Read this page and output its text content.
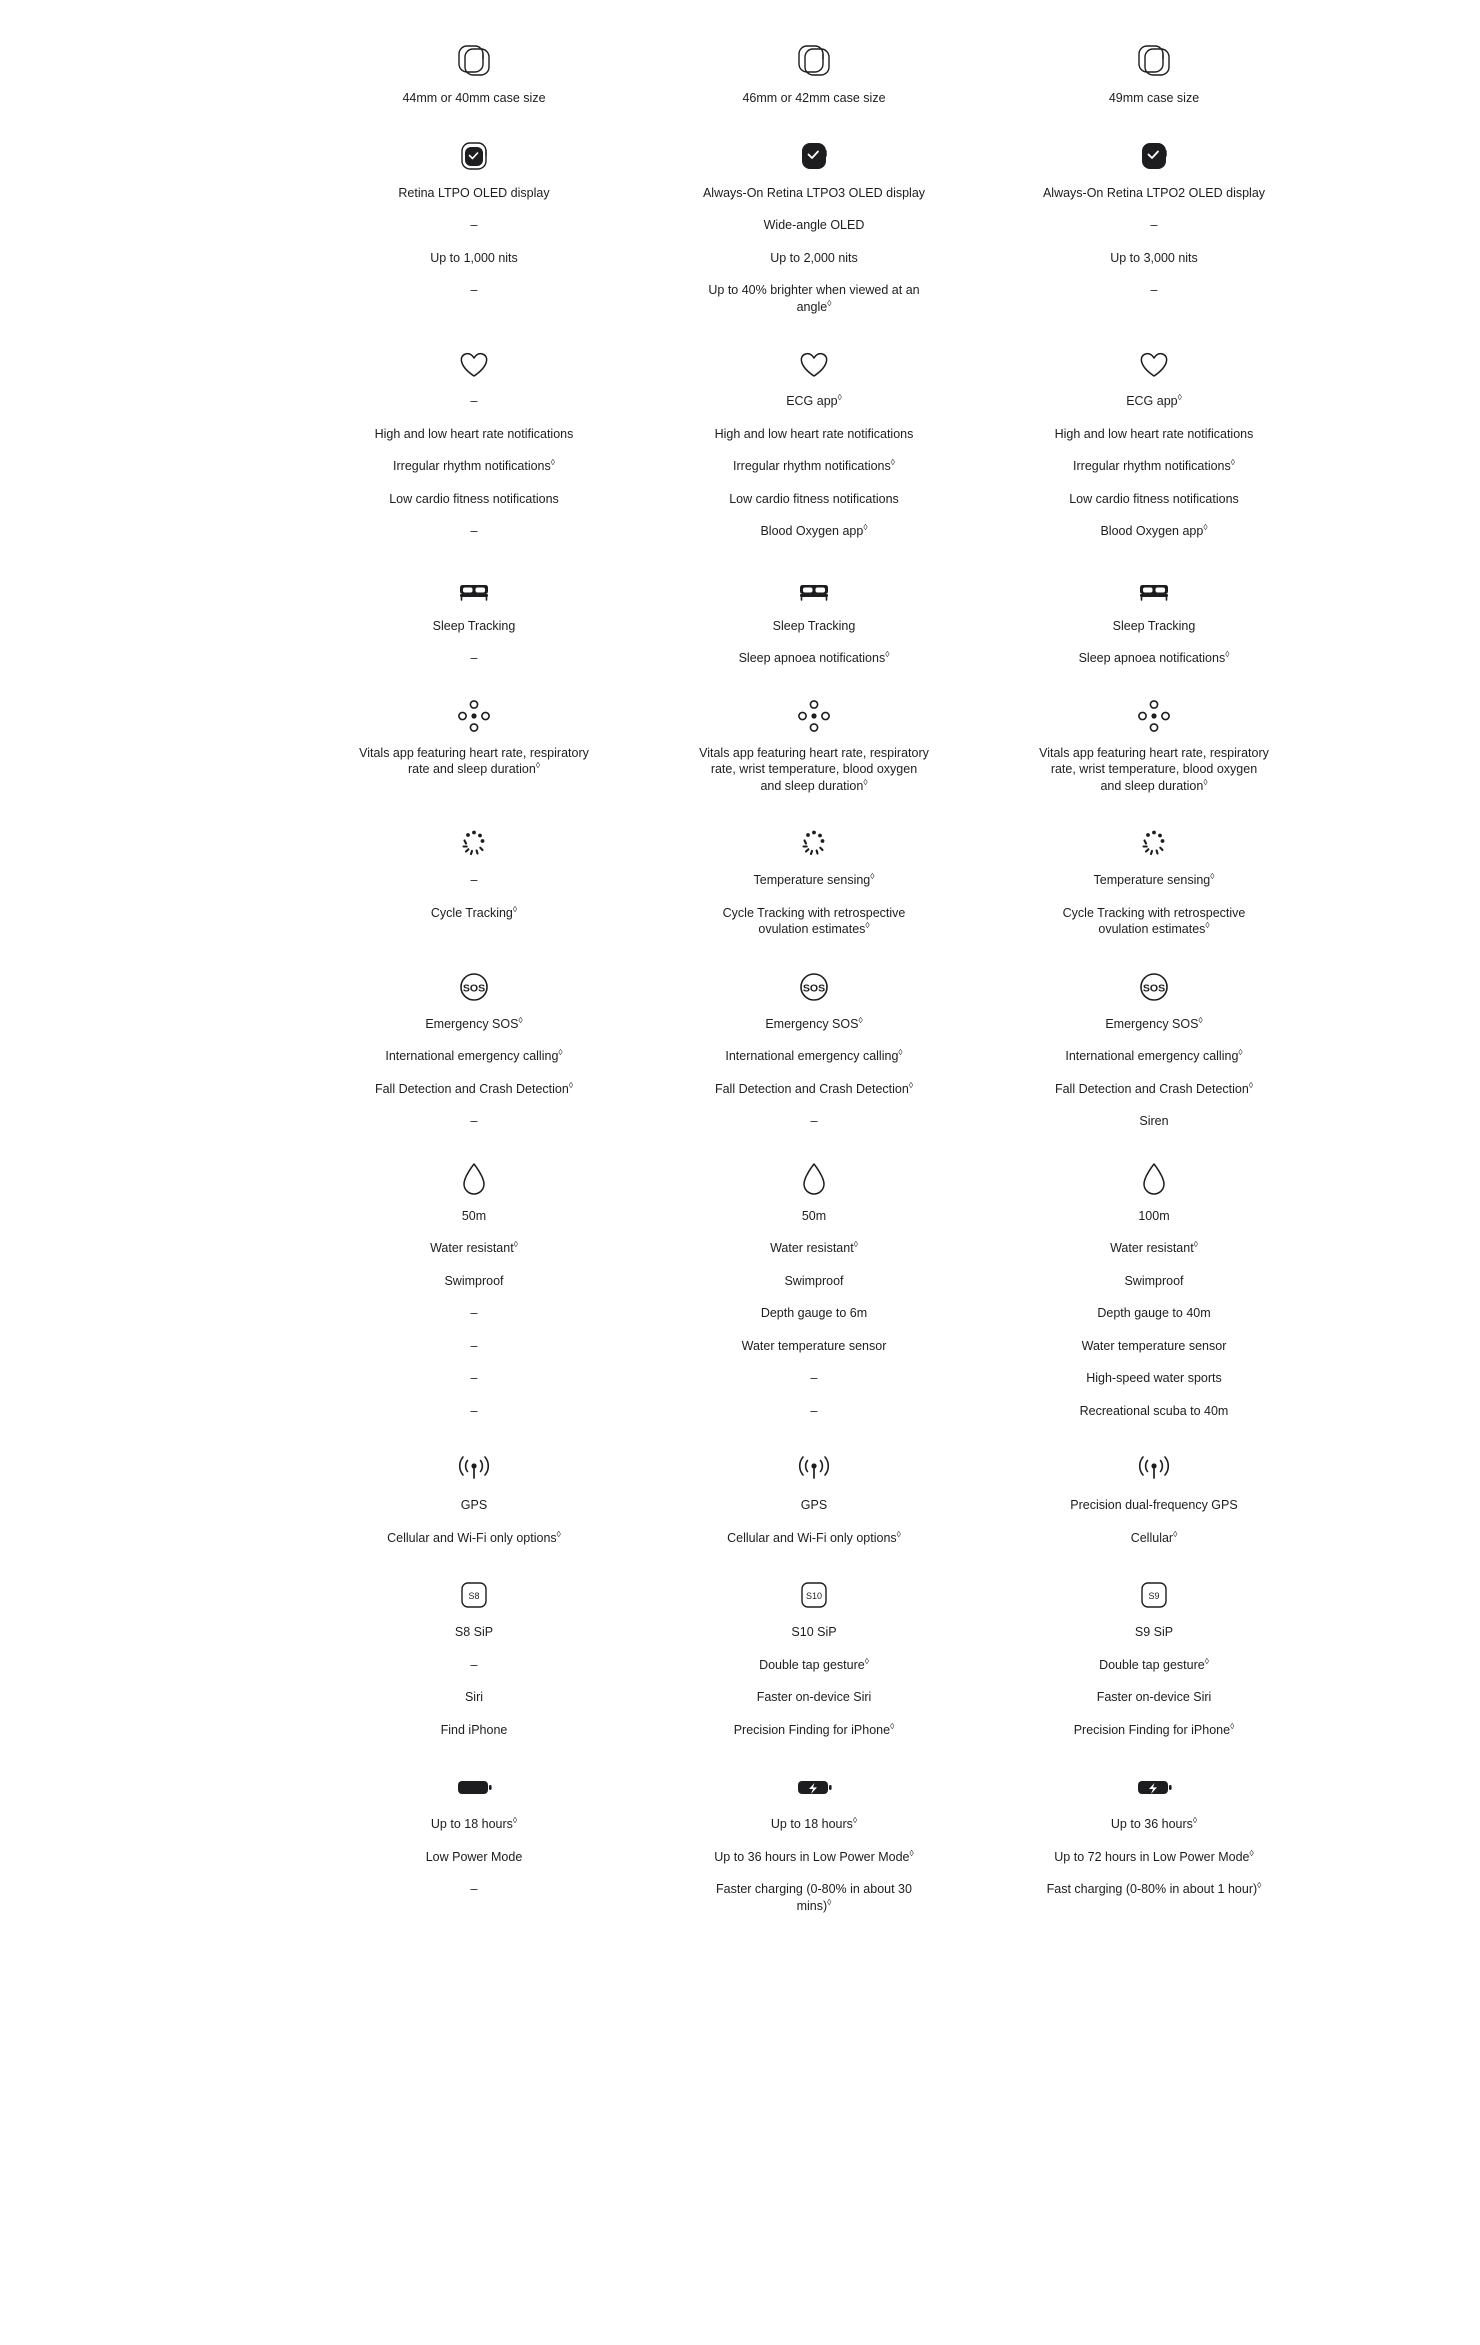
44mm or 40mm case size	46mm or 42mm case size	49mm case size
Retina LTPO OLED display
–
Up to 1,000 nits
–
Always-On Retina LTPO3 OLED display
Wide-angle OLED
Up to 2,000 nits
Up to 40% brighter when viewed at an angle◊
Always-On Retina LTPO2 OLED display
–
Up to 3,000 nits
–
–
High and low heart rate notifications
Irregular rhythm notifications◊
Low cardio fitness notifications
–
ECG app◊
High and low heart rate notifications
Irregular rhythm notifications◊
Low cardio fitness notifications
Blood Oxygen app◊
ECG app◊
High and low heart rate notifications
Irregular rhythm notifications◊
Low cardio fitness notifications
Blood Oxygen app◊
Sleep Tracking
–
Sleep Tracking
Sleep apnoea notifications◊
Sleep Tracking
Sleep apnoea notifications◊
Vitals app featuring heart rate, respiratory rate and sleep duration◊
Vitals app featuring heart rate, respiratory rate, wrist temperature, blood oxygen and sleep duration◊
Vitals app featuring heart rate, respiratory rate, wrist temperature, blood oxygen and sleep duration◊
–
Cycle Tracking◊
Temperature sensing◊
Cycle Tracking with retrospective ovulation estimates◊
Temperature sensing◊
Cycle Tracking with retrospective ovulation estimates◊
SOS
Emergency SOS◊
International emergency calling◊
Fall Detection and Crash Detection◊
–
SOS
Emergency SOS◊
International emergency calling◊
Fall Detection and Crash Detection◊
–
SOS
Emergency SOS◊
International emergency calling◊
Fall Detection and Crash Detection◊
Siren
50m
Water resistant◊
Swimproof
–
–
–
–
50m
Water resistant◊
Swimproof
Depth gauge to 6m
Water temperature sensor
–
–
100m
Water resistant◊
Swimproof
Depth gauge to 40m
Water temperature sensor
High-speed water sports
Recreational scuba to 40m
GPS
Cellular and Wi-Fi only options◊
GPS
Cellular and Wi-Fi only options◊
Precision dual-frequency GPS
Cellular◊
S8
S8 SiP
–
Siri
Find iPhone
S10
S10 SiP
Double tap gesture◊
Faster on-device Siri
Precision Finding for iPhone◊
S9
S9 SiP
Double tap gesture◊
Faster on-device Siri
Precision Finding for iPhone◊
Up to 18 hours◊
Low Power Mode
–
Up to 18 hours◊
Up to 36 hours in Low Power Mode◊
Faster charging (0-80% in about 30 mins)◊
Up to 36 hours◊
Up to 72 hours in Low Power Mode◊
Fast charging (0-80% in about 1 hour)◊
